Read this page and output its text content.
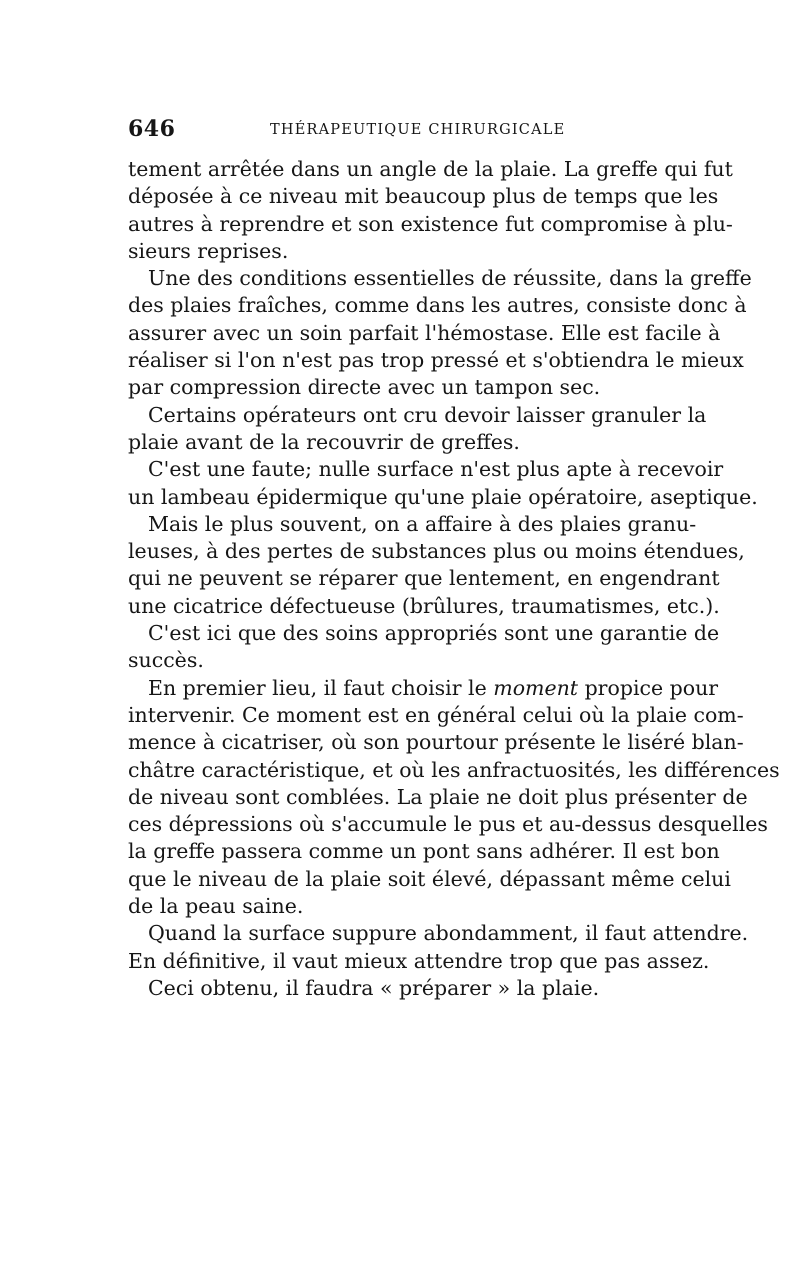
646	THÉRAPEUTIQUE CHIRURGICALE
tement arrêtée dans un angle de la plaie. La greffe qui fut
déposée à ce niveau mit beaucoup plus de temps que les
autres à reprendre et son existence fut compromise à plu-
sieurs reprises.
Une des conditions essentielles de réussite, dans la greffe
des plaies fraîches, comme dans les autres, consiste donc à
assurer avec un soin parfait l'hémostase. Elle est facile à
réaliser si l'on n'est pas trop pressé et s'obtiendra le mieux
par compression directe avec un tampon sec.
Certains opérateurs ont cru devoir laisser granuler la
plaie avant de la recouvrir de greffes.
C'est une faute; nulle surface n'est plus apte à recevoir
un lambeau épidermique qu'une plaie opératoire, aseptique.
Mais le plus souvent, on a affaire à des plaies granu-
leuses, à des pertes de substances plus ou moins étendues,
qui ne peuvent se réparer que lentement, en engendrant
une cicatrice défectueuse (brûlures, traumatismes, etc.).
C'est ici que des soins appropriés sont une garantie de
succès.
En premier lieu, il faut choisir le moment propice pour
intervenir. Ce moment est en général celui où la plaie com-
mence à cicatriser, où son pourtour présente le liséré blan-
châtre caractéristique, et où les anfractuosités, les différences
de niveau sont comblées. La plaie ne doit plus présenter de
ces dépressions où s'accumule le pus et au-dessus desquelles
la greffe passera comme un pont sans adhérer. Il est bon
que le niveau de la plaie soit élevé, dépassant même celui
de la peau saine.
Quand la surface suppure abondamment, il faut attendre.
En définitive, il vaut mieux attendre trop que pas assez.
Ceci obtenu, il faudra « préparer » la plaie.
